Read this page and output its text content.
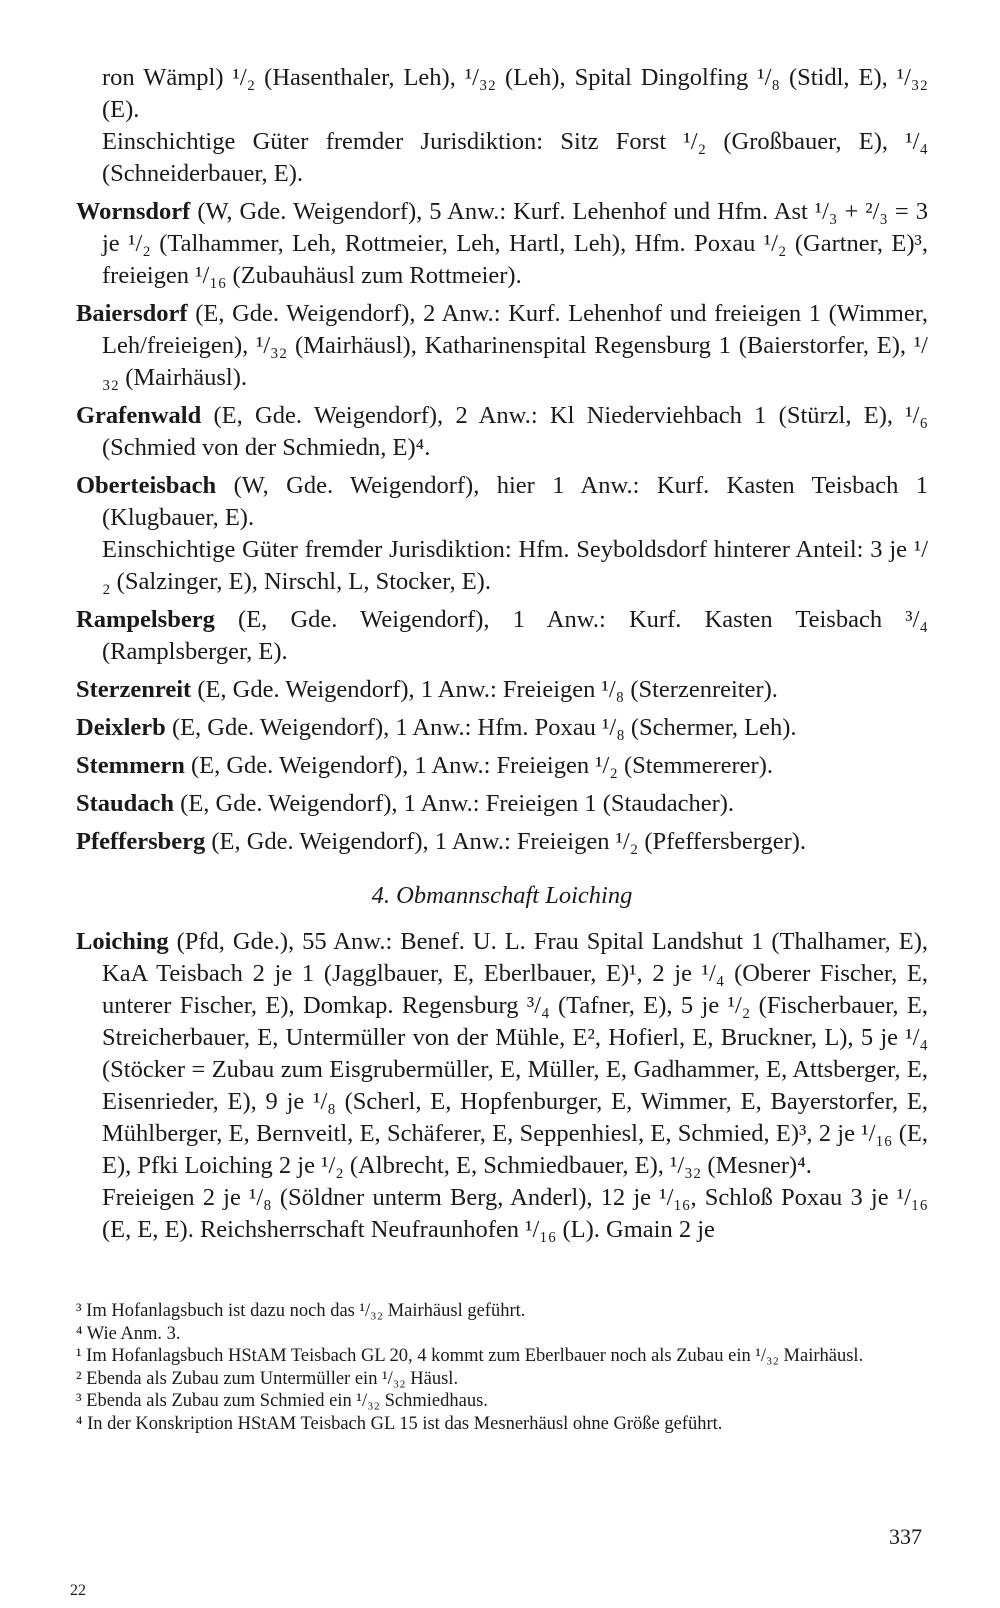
ron Wämpl) ¹/₂ (Hasenthaler, Leh), ¹/₃₂ (Leh), Spital Dingolfing ¹/₈ (Stidl, E), ¹/₃₂ (E).

Einschichtige Güter fremder Jurisdiktion: Sitz Forst ¹/₂ (Großbauer, E), ¹/₄ (Schneiderbauer, E).

Wornsdorf (W, Gde. Weigendorf), 5 Anw.: Kurf. Lehenhof und Hfm. Ast ¹/₃ + ²/₃ = 3 je ¹/₂ (Talhammer, Leh, Rottmeier, Leh, Hartl, Leh), Hfm. Poxau ¹/₂ (Gartner, E)³, freieigen ¹/₁₆ (Zubauhäusl zum Rottmeier).

Baiersdorf (E, Gde. Weigendorf), 2 Anw.: Kurf. Lehenhof und freieigen 1 (Wimmer, Leh/freieigen), ¹/₃₂ (Mairhäusl), Katharinenspital Regensburg 1 (Baierstorfer, E), ¹/₃₂ (Mairhäusl).

Grafenwald (E, Gde. Weigendorf), 2 Anw.: Kl Niederviehbach 1 (Stürzl, E), ¹/₆ (Schmied von der Schmiedn, E)⁴.

Oberteisbach (W, Gde. Weigendorf), hier 1 Anw.: Kurf. Kasten Teisbach 1 (Klugbauer, E).

Einschichtige Güter fremder Jurisdiktion: Hfm. Seyboldsdorf hinterer Anteil: 3 je ¹/₂ (Salzinger, E), Nirschl, L, Stocker, E).

Rampelsberg (E, Gde. Weigendorf), 1 Anw.: Kurf. Kasten Teisbach ³/₄ (Ramplsberger, E).

Sterzenreit (E, Gde. Weigendorf), 1 Anw.: Freieigen ¹/₈ (Sterzenreiter).

Deixlerb (E, Gde. Weigendorf), 1 Anw.: Hfm. Poxau ¹/₈ (Schermer, Leh).

Stemmern (E, Gde. Weigendorf), 1 Anw.: Freieigen ¹/₂ (Stemmererer).

Staudach (E, Gde. Weigendorf), 1 Anw.: Freieigen 1 (Staudacher).

Pfeffersberg (E, Gde. Weigendorf), 1 Anw.: Freieigen ¹/₂ (Pfeffersberger).

4. Obmannschaft Loiching

Loiching (Pfd, Gde.), 55 Anw.: Benef. U. L. Frau Spital Landshut 1 (Thalhamer, E), KaA Teisbach 2 je 1 (Jagglbauer, E, Eberlbauer, E)¹, 2 je ¹/₄ (Oberer Fischer, E, unterer Fischer, E), Domkap. Regensburg ³/₄ (Tafner, E), 5 je ¹/₂ (Fischerbauer, E, Streicherbauer, E, Untermüller von der Mühle, E², Hofierl, E, Bruckner, L), 5 je ¹/₄ (Stöcker = Zubau zum Eisgrubermüller, E, Müller, E, Gadhammer, E, Attsberger, E, Eisenrieder, E), 9 je ¹/₈ (Scherl, E, Hopfenburger, E, Wimmer, E, Bayerstorfer, E, Mühlberger, E, Bernveitl, E, Schäferer, E, Seppenhiesl, E, Schmied, E)³, 2 je ¹/₁₆ (E, E), Pfki Loiching 2 je ¹/₂ (Albrecht, E, Schmiedbauer, E), ¹/₃₂ (Mesner)⁴.

Freieigen 2 je ¹/₈ (Söldner unterm Berg, Anderl), 12 je ¹/₁₆, Schloß Poxau 3 je ¹/₁₆ (E, E, E). Reichsherrschaft Neufraunhofen ¹/₁₆ (L). Gmain 2 je

³ Im Hofanlagsbuch ist dazu noch das ¹/₃₂ Mairhäusl geführt.

⁴ Wie Anm. 3.

¹ Im Hofanlagsbuch HStAM Teisbach GL 20, 4 kommt zum Eberlbauer noch als Zubau ein ¹/₃₂ Mairhäusl.

² Ebenda als Zubau zum Untermüller ein ¹/₃₂ Häusl.

³ Ebenda als Zubau zum Schmied ein ¹/₃₂ Schmiedhaus.

⁴ In der Konskription HStAM Teisbach GL 15 ist das Mesnerhäusl ohne Größe geführt.

337
22
